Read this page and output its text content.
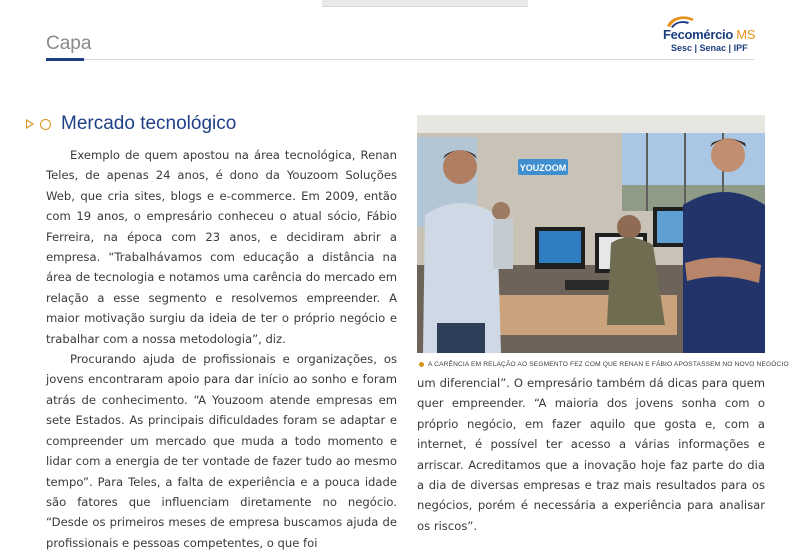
Capa	Fecomércio MS
Sesc | Senac | IPF
Mercado tecnológico

Exemplo de quem apostou na área tecnológica, Renan Teles, de apenas 24 anos, é dono da Youzoom Soluções Web, que cria sites, blogs e e-commerce. Em 2009, então com 19 anos, o empresário conheceu o atual sócio, Fábio Ferreira, na época com 23 anos, e decidiram abrir a empresa. “Trabalhávamos com educação a distância na área de tecnologia e notamos uma carência do mercado em relação a esse segmento e resolvemos empreender. A maior motivação surgiu da ideia de ter o próprio negócio e trabalhar com a nossa metodologia”, diz.

Procurando ajuda de profissionais e organizações, os jovens encontraram apoio para dar início ao sonho e foram atrás de conhecimento. “A Youzoom atende empresas em sete Estados. As principais dificuldades foram se adaptar e compreender um mercado que muda a todo momento e lidar com a energia de ter vontade de fazer tudo ao mesmo tempo”. Para Teles, a falta de experiência e a pouca idade são fatores que influenciam diretamente no negócio. “Desde os primeiros meses de empresa buscamos ajuda de profissionais e pessoas competentes, o que foi

YOUZOOM
A CARÊNCIA EM RELAÇÃO AO SEGMENTO FEZ COM QUE RENAN E FÁBIO APOSTASSEM NO NOVO NEGÓCIO

um diferencial”. O empresário também dá dicas para quem quer empreender. “A maioria dos jovens sonha com o próprio negócio, em fazer aquilo que gosta e, com a internet, é possível ter acesso a várias informações e arriscar. Acreditamos que a inovação hoje faz parte do dia a dia de diversas empresas e traz mais resultados para os negócios, porém é necessária a experiência para analisar os riscos”.
